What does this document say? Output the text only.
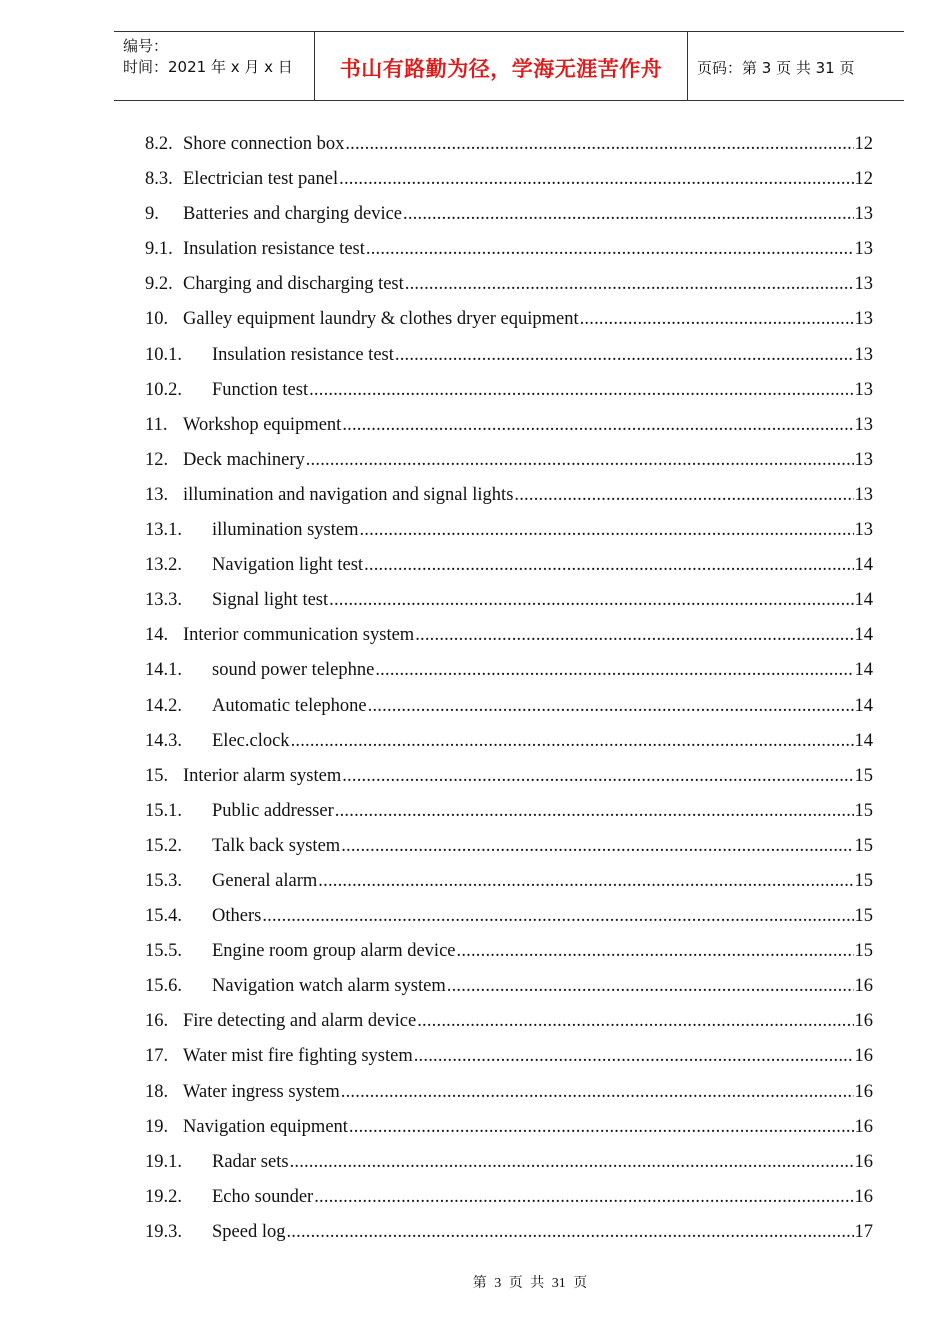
编号：
时间：2021 年 x 月 x 日	书山有路勤为径，学海无涯苦作舟	页码：第 3 页 共 31 页
8.2. Shore connection box .....	12
8.3. Electrician test panel .....	12
9.	Batteries and charging device .....	13
9.1. Insulation resistance test .....	13
9.2. Charging and discharging test .....	13
10. Galley equipment laundry & clothes dryer equipment .....	13
10.1.	Insulation resistance test .....	13
10.2.	Function test .....	13
11. Workshop equipment .....	13
12. Deck machinery .....	13
13. illumination and navigation and signal lights .....	13
13.1.	illumination system .....	13
13.2.	Navigation light test .....	14
13.3.	Signal light test .....	14
14. Interior communication system .....	14
14.1.	sound power telephne .....	14
14.2.	Automatic telephone .....	14
14.3.	Elec.clock .....	14
15. Interior alarm system .....	15
15.1.	Public addresser .....	15
15.2.	Talk back system .....	15
15.3.	General alarm .....	15
15.4.	Others .....	15
15.5.	Engine room group alarm device .....	15
15.6.	Navigation watch alarm system .....	16
16. Fire detecting and alarm device .....	16
17. Water mist fire fighting system .....	16
18. Water ingress system .....	16
19. Navigation equipment .....	16
19.1.	Radar sets .....	16
19.2.	Echo sounder .....	16
19.3.	Speed log .....	17
第 3 页 共 31 页
